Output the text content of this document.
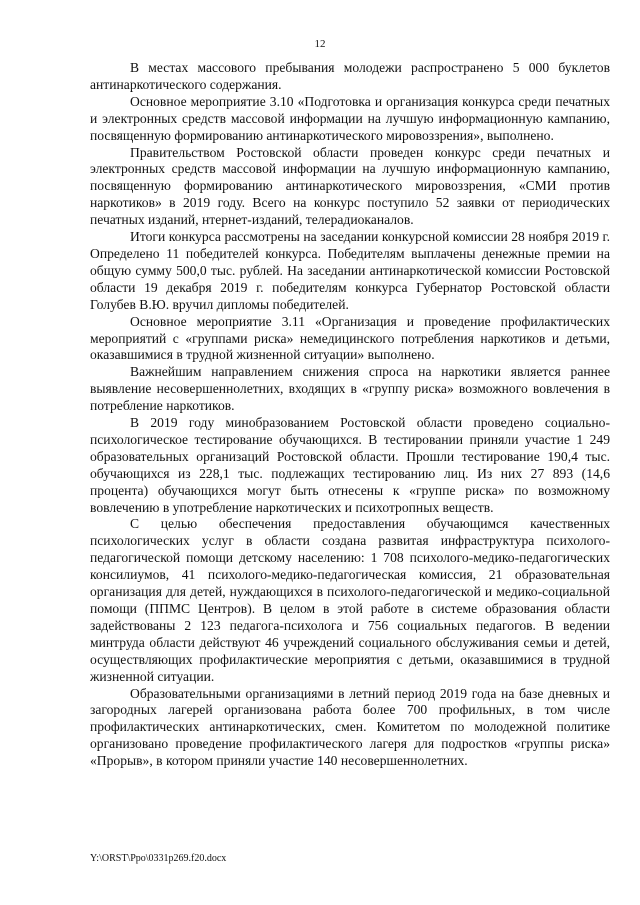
12

В местах массового пребывания молодежи распространено 5 000 буклетов антинаркотического содержания.

Основное мероприятие 3.10 «Подготовка и организация конкурса среди печатных и электронных средств массовой информации на лучшую информационную кампанию, посвященную формированию антинаркотического мировоззрения», выполнено.

Правительством Ростовской области проведен конкурс среди печатных и электронных средств массовой информации на лучшую информационную кампанию, посвященную формированию антинаркотического мировоззрения, «СМИ против наркотиков» в 2019 году. Всего на конкурс поступило 52 заявки от периодических печатных изданий, нтернет-изданий, телерадиоканалов.

Итоги конкурса рассмотрены на заседании конкурсной комиссии 28 ноября 2019 г. Определено 11 победителей конкурса. Победителям выплачены денежные премии на общую сумму 500,0 тыс. рублей. На заседании антинаркотической комиссии Ростовской области 19 декабря 2019 г. победителям конкурса Губернатор Ростовской области Голубев В.Ю. вручил дипломы победителей.

Основное мероприятие 3.11 «Организация и проведение профилактических мероприятий с «группами риска» немедицинского потребления наркотиков и детьми, оказавшимися в трудной жизненной ситуации» выполнено.

Важнейшим направлением снижения спроса на наркотики является раннее выявление несовершеннолетних, входящих в «группу риска» возможного вовлечения в потребление наркотиков.

В 2019 году минобразованием Ростовской области проведено социально-психологическое тестирование обучающихся. В тестировании приняли участие 1 249 образовательных организаций Ростовской области. Прошли тестирование 190,4 тыс. обучающихся из 228,1 тыс. подлежащих тестированию лиц. Из них 27 893 (14,6 процента) обучающихся могут быть отнесены к «группе риска» по возможному вовлечению в употребление наркотических и психотропных веществ.

С целью обеспечения предоставления обучающимся качественных психологических услуг в области создана развитая инфраструктура психолого-педагогической помощи детскому населению: 1 708 психолого-медико-педагогических консилиумов, 41 психолого-медико-педагогическая комиссия, 21 образовательная организация для детей, нуждающихся в психолого-педагогической и медико-социальной помощи (ППМС Центров). В целом в этой работе в системе образования области задействованы 2 123 педагога-психолога и 756 социальных педагогов. В ведении минтруда области действуют 46 учреждений социального обслуживания семьи и детей, осуществляющих профилактические мероприятия с детьми, оказавшимися в трудной жизненной ситуации.

Образовательными организациями в летний период 2019 года на базе дневных и загородных лагерей организована работа более 700 профильных, в том числе профилактических антинаркотических, смен. Комитетом по молодежной политике организовано проведение профилактического лагеря для подростков «группы риска» «Прорыв», в котором приняли участие 140 несовершеннолетних.

Y:\ORST\Ppo\0331p269.f20.docx
